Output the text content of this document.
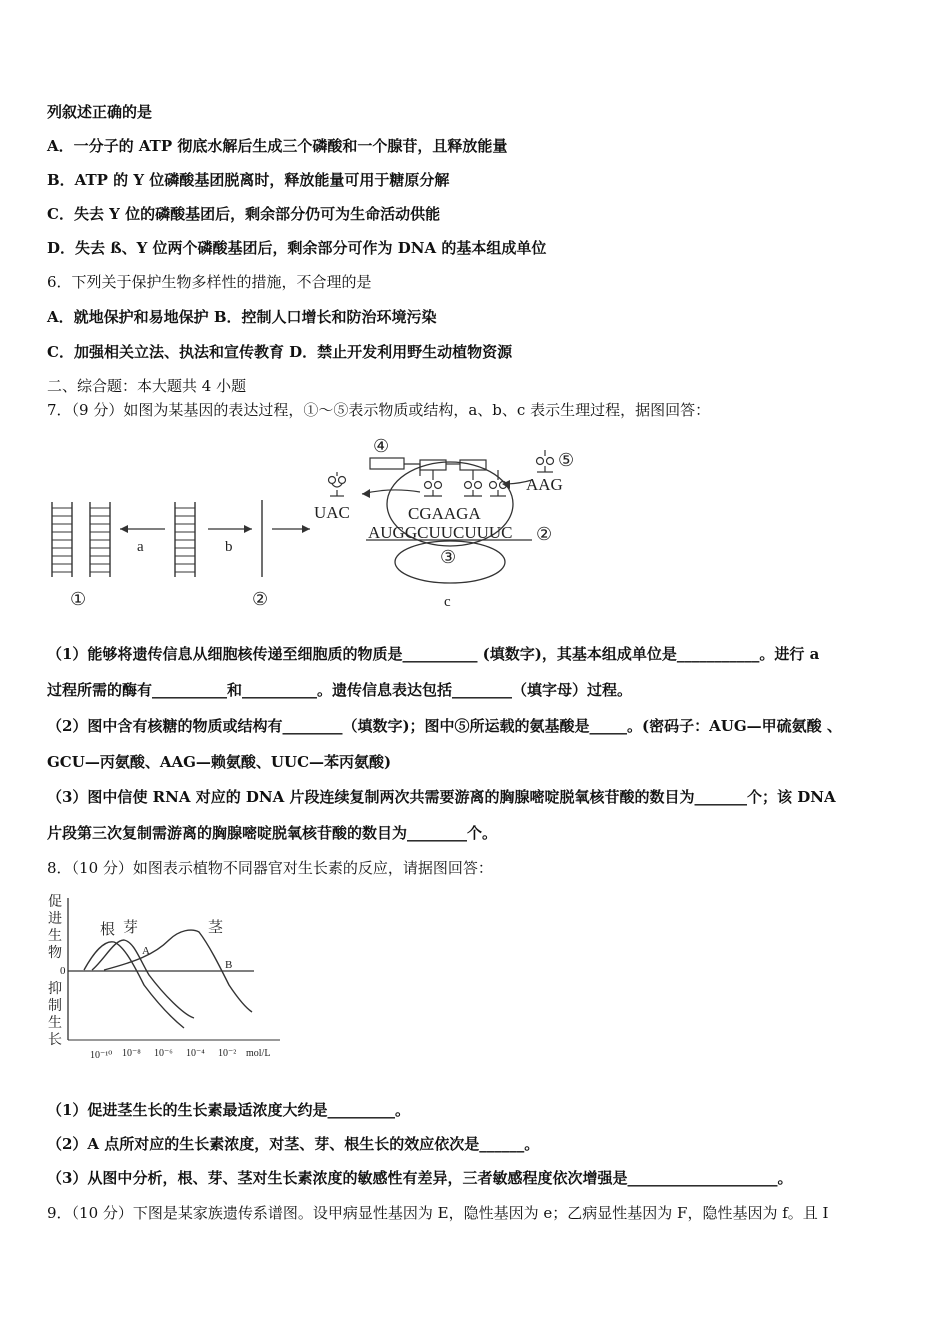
列叙述正确的是
A．一分子的 ATP 彻底水解后生成三个磷酸和一个腺苷，且释放能量
B．ATP 的 Y 位磷酸基团脱离时，释放能量可用于糖原分解
C．失去 Y 位的磷酸基团后，剩余部分仍可为生命活动供能
D．失去 ß、Y 位两个磷酸基团后，剩余部分可作为 DNA 的基本组成单位
6．下列关于保护生物多样性的措施，不合理的是
A．就地保护和易地保护 B．控制人口增长和防治环境污染
C．加强相关立法、执法和宣传教育 D．禁止开发利用野生动植物资源
二、综合题：本大题共 4 小题
7．（9 分）如图为某基因的表达过程，①～⑤表示物质或结构，a、b、c 表示生理过程，据图回答：
a	b
UAC
④
CGAAGA
AUGGCUUCUUUC ②
③
⑤
AAG
①	②	c
（1）能够将遗传信息从细胞核传递至细胞质的物质是__________ (填数字)，其基本组成单位是___________。进行 a
过程所需的酶有__________和__________。遗传信息表达包括________（填字母）过程。
（2）图中含有核糖的物质或结构有________（填数字)；图中⑤所运载的氨基酸是_____。(密码子：AUG—甲硫氨酸 、
GCU—丙氨酸、AAG—赖氨酸、UUC—苯丙氨酸)
（3）图中信使 RNA 对应的 DNA 片段连续复制两次共需要游离的胸腺嘧啶脱氧核苷酸的数目为_______个；该 DNA
片段第三次复制需游离的胸腺嘧啶脱氧核苷酸的数目为________个。
8．（10 分）如图表示植物不同器官对生长素的反应，请据图回答：
促
进
生
物
0
抑
制
生
长
根 芽	茎
A
B
10⁻¹⁰ 10⁻⁸ 10⁻⁶ 10⁻⁴ 10⁻² mol/L
（1）促进茎生长的生长素最适浓度大约是_________。
（2）A 点所对应的生长素浓度，对茎、芽、根生长的效应依次是______。
（3）从图中分析，根、芽、茎对生长素浓度的敏感性有差异，三者敏感程度依次增强是____________________。
9．（10 分）下图是某家族遗传系谱图。设甲病显性基因为 E，隐性基因为 e；乙病显性基因为 F，隐性基因为 f。且 Ⅰ
